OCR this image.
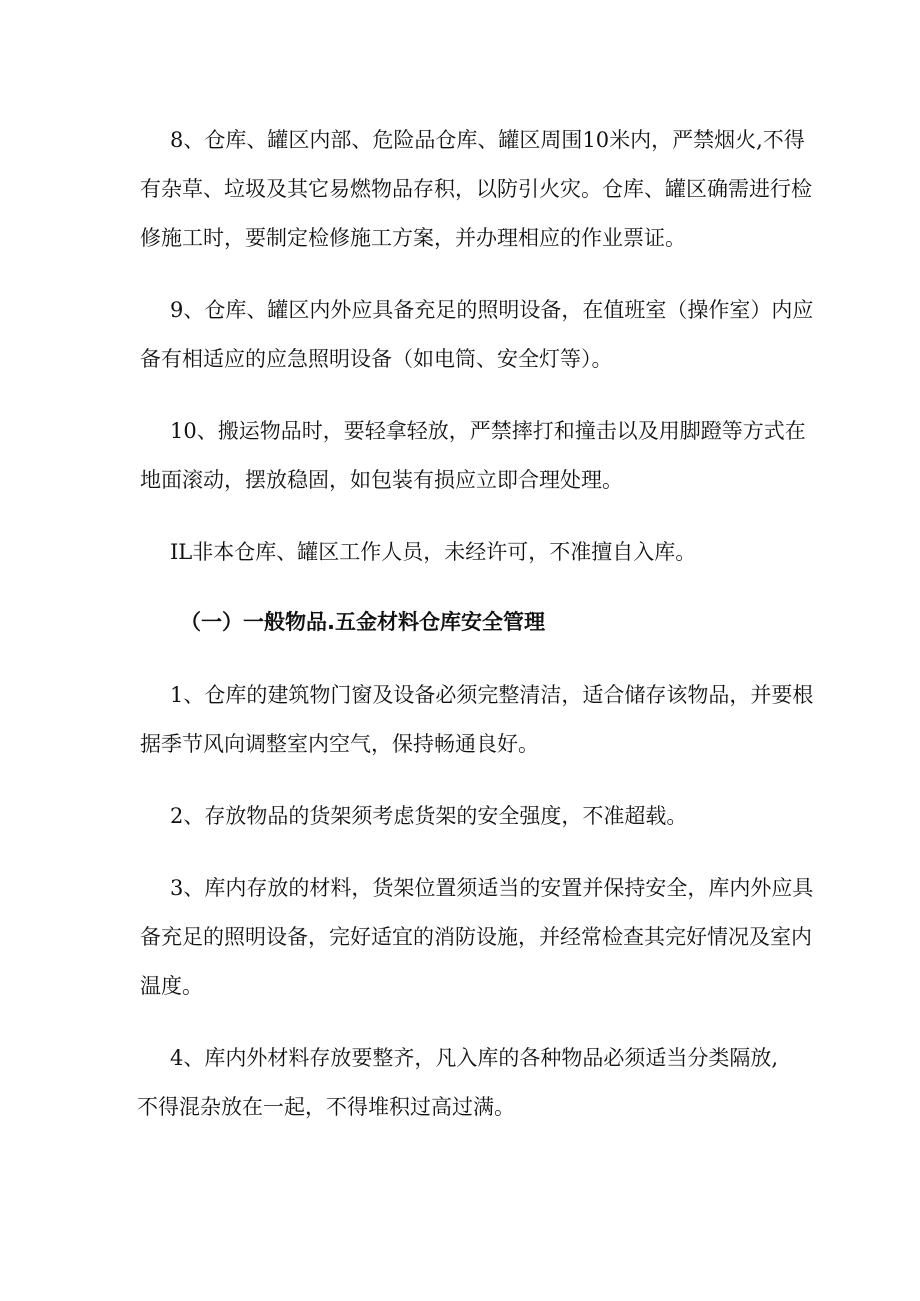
8、仓库、罐区内部、危险品仓库、罐区周围10米内，严禁烟火,不得

有杂草、垃圾及其它易燃物品存积，以防引火灾。仓库、罐区确需进行检

修施工时，要制定检修施工方案，并办理相应的作业票证。

9、仓库、罐区内外应具备充足的照明设备，在值班室（操作室）内应

备有相适应的应急照明设备（如电筒、安全灯等）。

10、搬运物品时，要轻拿轻放，严禁摔打和撞击以及用脚蹬等方式在

地面滚动，摆放稳固，如包装有损应立即合理处理。

IL非本仓库、罐区工作人员，未经许可，不准擅自入库。

（一）一般物品.五金材料仓库安全管理

1、仓库的建筑物门窗及设备必须完整清洁，适合储存该物品，并要根

据季节风向调整室内空气，保持畅通良好。

2、存放物品的货架须考虑货架的安全强度，不准超载。

3、库内存放的材料，货架位置须适当的安置并保持安全，库内外应具

备充足的照明设备，完好适宜的消防设施，并经常检查其完好情况及室内

温度。

4、库内外材料存放要整齐，凡入库的各种物品必须适当分类隔放,

不得混杂放在一起，不得堆积过高过满。
